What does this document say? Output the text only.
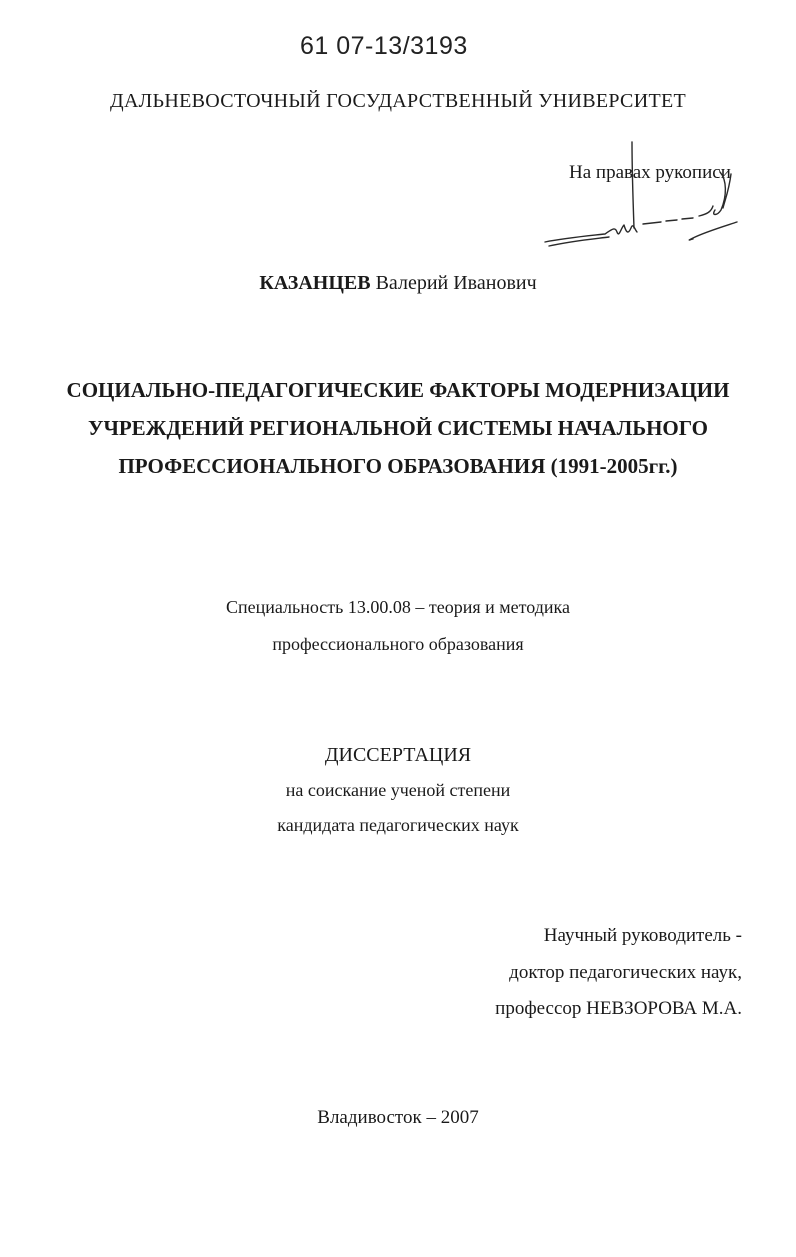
61 07-13/3193
ДАЛЬНЕВОСТОЧНЫЙ ГОСУДАРСТВЕННЫЙ УНИВЕРСИТЕТ
На правах рукописи
КАЗАНЦЕВ Валерий Иванович
СОЦИАЛЬНО-ПЕДАГОГИЧЕСКИЕ ФАКТОРЫ МОДЕРНИЗАЦИИ
УЧРЕЖДЕНИЙ РЕГИОНАЛЬНОЙ СИСТЕМЫ НАЧАЛЬНОГО
ПРОФЕССИОНАЛЬНОГО ОБРАЗОВАНИЯ (1991-2005гг.)
Специальность 13.00.08 – теория и методика
профессионального образования
ДИССЕРТАЦИЯ
на соискание ученой степени
кандидата педагогических наук
Научный руководитель -
доктор педагогических наук,
профессор НЕВЗОРОВА М.А.
Владивосток – 2007
